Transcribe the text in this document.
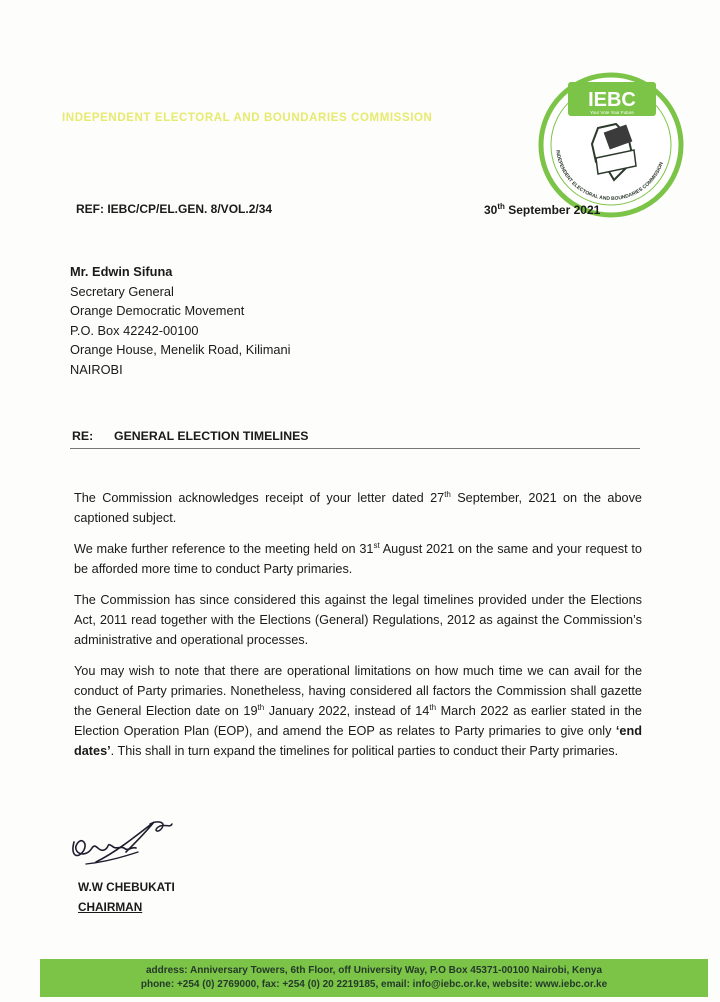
INDEPENDENT ELECTORAL AND BOUNDARIES COMMISSION
IEBC
Your Vote Your Future
INDEPENDENT ELECTORAL AND BOUNDARIES COMMISSION
REF: IEBC/CP/EL.GEN. 8/VOL.2/34	30th September 2021
Mr. Edwin Sifuna
Secretary General
Orange Democratic Movement
P.O. Box 42242-00100
Orange House, Menelik Road, Kilimani
NAIROBI
RE: GENERAL ELECTION TIMELINES

The Commission acknowledges receipt of your letter dated 27th September, 2021 on the above captioned subject.

We make further reference to the meeting held on 31st August 2021 on the same and your request to be afforded more time to conduct Party primaries.

The Commission has since considered this against the legal timelines provided under the Elections Act, 2011 read together with the Elections (General) Regulations, 2012 as against the Commission’s administrative and operational processes.

You may wish to note that there are operational limitations on how much time we can avail for the conduct of Party primaries. Nonetheless, having considered all factors the Commission shall gazette the General Election date on 19th January 2022, instead of 14th March 2022 as earlier stated in the Election Operation Plan (EOP), and amend the EOP as relates to Party primaries to give only ‘end dates’. This shall in turn expand the timelines for political parties to conduct their Party primaries.

W.W CHEBUKATI
CHAIRMAN
address: Anniversary Towers, 6th Floor, off University Way, P.O Box 45371-00100 Nairobi, Kenya
phone: +254 (0) 2769000, fax: +254 (0) 20 2219185, email: info@iebc.or.ke, website: www.iebc.or.ke
